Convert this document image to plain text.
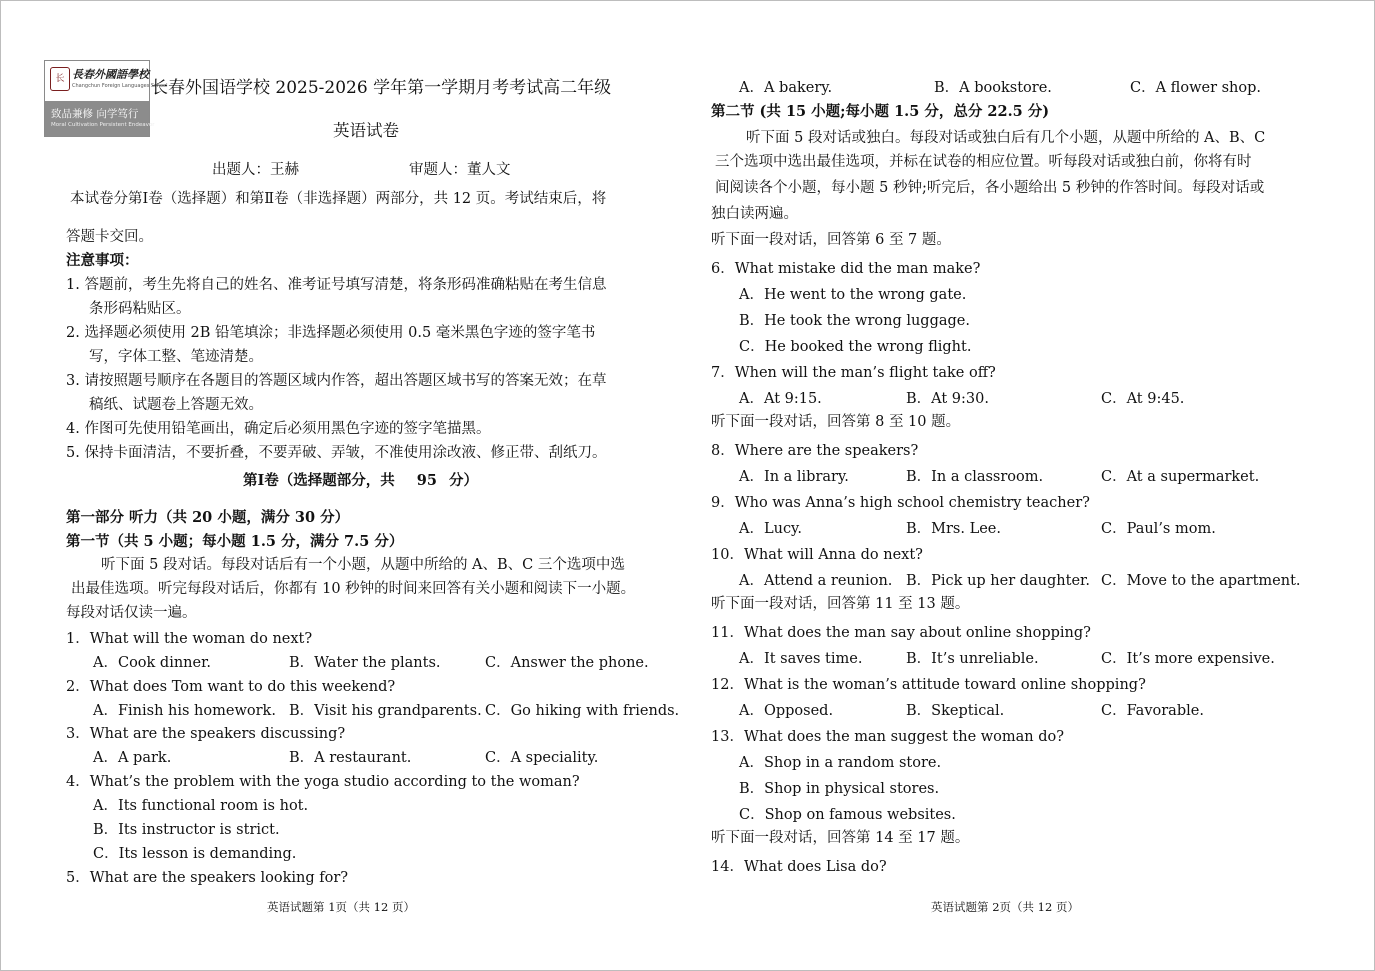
长 長春外國語學校
Changchun Foreign Languages School
致品兼修 向学笃行
Moral Cultivation Persistent Endeavor
长春外国语学校 2025-2026 学年第一学期月考考试高二年级
英语试卷
出题人：王赫	审题人：董人文
本试卷分第Ⅰ卷（选择题）和第Ⅱ卷（非选择题）两部分，共 12 页。考试结束后，将
答题卡交回。
注意事项：
1. 答题前，考生先将自己的姓名、准考证号填写清楚，将条形码准确粘贴在考生信息
条形码粘贴区。
2. 选择题必须使用 2B 铅笔填涂；非选择题必须使用 0.5 毫米黑色字迹的签字笔书
写，字体工整、笔迹清楚。
3. 请按照题号顺序在各题目的答题区域内作答，超出答题区域书写的答案无效；在草
稿纸、试题卷上答题无效。
4. 作图可先使用铅笔画出，确定后必须用黑色字迹的签字笔描黑。
5. 保持卡面清洁，不要折叠，不要弄破、弄皱，不准使用涂改液、修正带、刮纸刀。
第Ⅰ卷（选择题部分，共 95 分）
第一部分 听力（共 20 小题，满分 30 分）
第一节（共 5 小题；每小题 1.5 分，满分 7.5 分）
听下面 5 段对话。每段对话后有一个小题，从题中所给的 A、B、C 三个选项中选
出最佳选项。听完每段对话后，你都有 10 秒钟的时间来回答有关小题和阅读下一小题。
每段对话仅读一遍。
1．What will the woman do next?
A．Cook dinner.	B．Water the plants.	C．Answer the phone.
2．What does Tom want to do this weekend?
A．Finish his homework. B．Visit his grandparents. C．Go hiking with friends.
3．What are the speakers discussing?
A．A park.	B．A restaurant.	C．A speciality.
4．What’s the problem with the yoga studio according to the woman?
A．Its functional room is hot.
B．Its instructor is strict.
C．Its lesson is demanding.
5．What are the speakers looking for?
A．A bakery.	B．A bookstore.	C．A flower shop.
第二节 (共 15 小题;每小题 1.5 分，总分 22.5 分)
听下面 5 段对话或独白。每段对话或独白后有几个小题，从题中所给的 A、B、C
三个选项中选出最佳选项，并标在试卷的相应位置。听每段对话或独白前，你将有时
间阅读各个小题，每小题 5 秒钟;听完后，各小题给出 5 秒钟的作答时间。每段对话或
独白读两遍。
听下面一段对话，回答第 6 至 7 题。
6．What mistake did the man make?
A．He went to the wrong gate.
B．He took the wrong luggage.
C．He booked the wrong flight.
7．When will the man’s flight take off?
A．At 9:15.	B．At 9:30.	C．At 9:45.
听下面一段对话，回答第 8 至 10 题。
8．Where are the speakers?
A．In a library.	B．In a classroom.	C．At a supermarket.
9．Who was Anna’s high school chemistry teacher?
A．Lucy.	B．Mrs. Lee.	C．Paul’s mom.
10．What will Anna do next?
A．Attend a reunion. B．Pick up her daughter. C．Move to the apartment.
听下面一段对话，回答第 11 至 13 题。
11．What does the man say about online shopping?
A．It saves time.	B．It’s unreliable.	C．It’s more expensive.
12．What is the woman’s attitude toward online shopping?
A．Opposed.	B．Skeptical.	C．Favorable.
13．What does the man suggest the woman do?
A．Shop in a random store.
B．Shop in physical stores.
C．Shop on famous websites.
听下面一段对话，回答第 14 至 17 题。
14．What does Lisa do?
英语试题第 1页（共 12 页）	英语试题第 2页（共 12 页）
